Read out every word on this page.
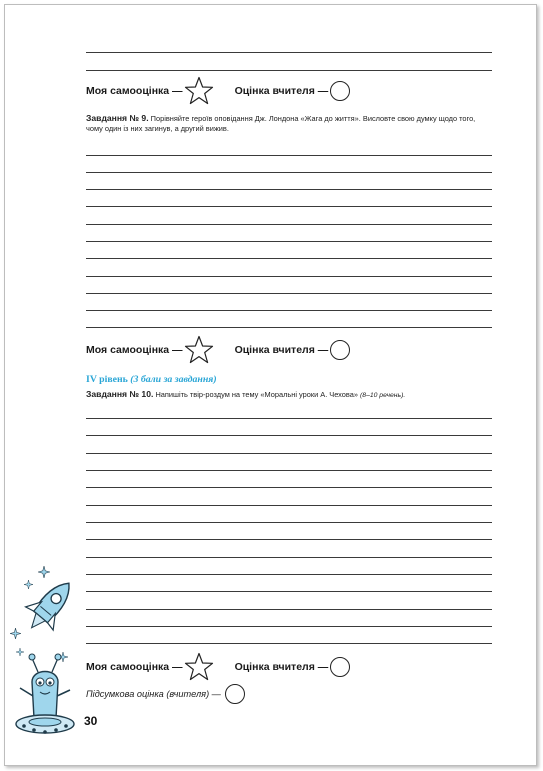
Моя самооцінка —	Оцінка вчителя —
Завдання № 9. Порівняйте героїв оповідання Дж. Лондона «Жага до життя». Висловте свою думку щодо того, чому один із них загинув, а другий вижив.
Моя самооцінка —	Оцінка вчителя —
IV рівень (3 бали за завдання)
Завдання № 10. Напишіть твір-роздум на тему «Моральні уроки А. Чехова» (8–10 речень).
Моя самооцінка —	Оцінка вчителя —
Підсумкова оцінка (вчителя) —
30
